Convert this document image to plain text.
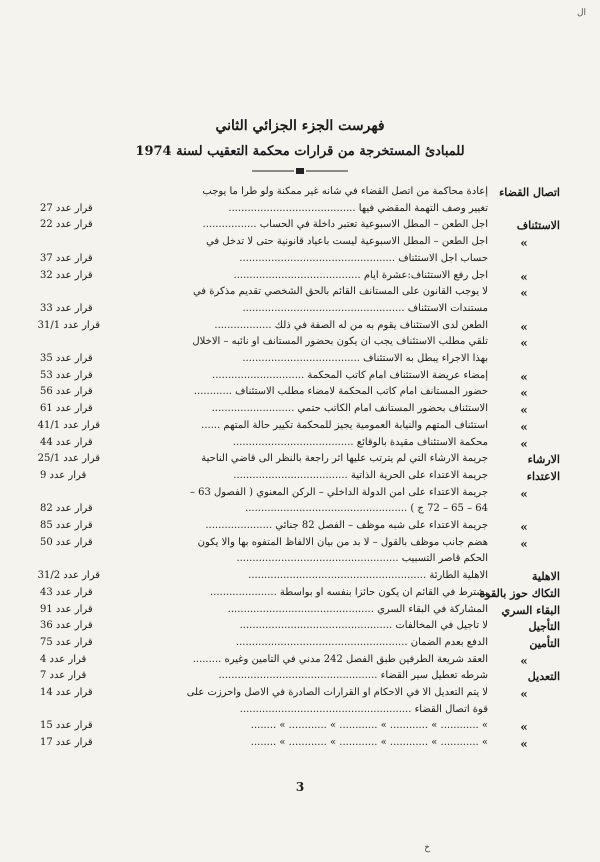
ال
فهرست الجزء الجزائي الثاني
للمبادئ المستخرجة من قرارات محكمة التعقيب لسنة 1974
اتصال القضاء
إعادة محاكمة من اتصل القضاء في شأنه غير ممكنة ولو طرأ ما يوجب
تغيير وصف التهمة المقضي فيها ........................................
قرار عدد 27
الاستئناف
اجل الطعن – المطل الاسبوعية تعتبر داخلة في الحساب .................
قرار عدد 22
»
اجل الطعن – المطل الاسبوعية ليست باعياد قانونية حتى لا تدخل في
حساب اجل الاستئناف .................................................
قرار عدد 37
»
اجل رفع الاستئناف:عشرة أيام ........................................
قرار عدد 32
»
لا يوجب القانون على المستأنف القائم بالحق الشخصي تقديم مذكرة في
مستندات الاستئناف ...................................................
قرار عدد 33
»
الطعن لدى الاستئناف يقوم به من له الصفة في ذلك ..................
قرار عدد 31/1
»
تلقي مطلب الاستئناف يجب أن يكون بحضور المستأنف او نائبه – الاخلال
بهذا الاجراء يبطل به الاستئناف .....................................
قرار عدد 35
»
إمضاء عريضة الاستئناف أمام كاتب المحكمة .............................
قرار عدد 53
»
حضور المستأنف أمام كاتب المحكمة لامضاء مطلب الاستئناف ............
قرار عدد 56
»
الاستئناف بحضور المستأنف أمام الكاتب حتمي ..........................
قرار عدد 61
»
استئناف المتهم والنيابة العمومية يجيز للمحكمة تكيير حالة المتهم ......
قرار عدد 41/1
»
محكمة الاستئناف مقيدة بالوقائع ......................................
قرار عدد 44
الارشاء
جريمة الارشاء التي لم يترتب عليها اثر راجعة بالنظر الى قاضي الناحية
قرار عدد 25/1
الاعتداء
جريمة الاعتداء على الحرية الذاتية ....................................
قرار عدد 9
»
جريمة الاعتداء على أمن الدولة الداخلي – الركن المعنوي ( الفصول 63 –
64 – 65 – 72 ج ) ...................................................
قرار عدد 82
»
جريمة الاعتداء على شبه موظف – الفصل 82 جنائي .....................
قرار عدد 85
»
هضم جانب موظف بالقول – لا بد من بيان الالفاظ المتفوه بها والا يكون
قرار عدد 50
الحكم قاصر التسبيب ...................................................
الاهلية
الاهلية الطارئة ........................................................
قرار عدد 31/2
التكاك حوز بالقوة
يشترط في القائم ان يكون حائزا بنفسه أو بواسطة .....................
قرار عدد 43
البقاء السري
المشاركة في البقاء السري ..............................................
قرار عدد 91
التأجيل
لا تأجيل في المخالفات ................................................
قرار عدد 36
التأمين
الدفع بعدم الضمان ......................................................
قرار عدد 75
»
العقد شريعة الطرفين طبق الفصل 242 مدني في التأمين وغيره .........
قرار عدد 4
التعديل
شرطه تعطيل سير القضاء ..................................................
قرار عدد 7
»
لا يتم التعديل الا في الاحكام أو القرارات الصادرة في الاصل واحرزت على
قرار عدد 14
قوة اتصال القضاء ......................................................
»
» ............ » ............ » ............ » ............ » ........
قرار عدد 15
»
» ............ » ............ » ............ » ............ » ........
قرار عدد 17
3
خ
